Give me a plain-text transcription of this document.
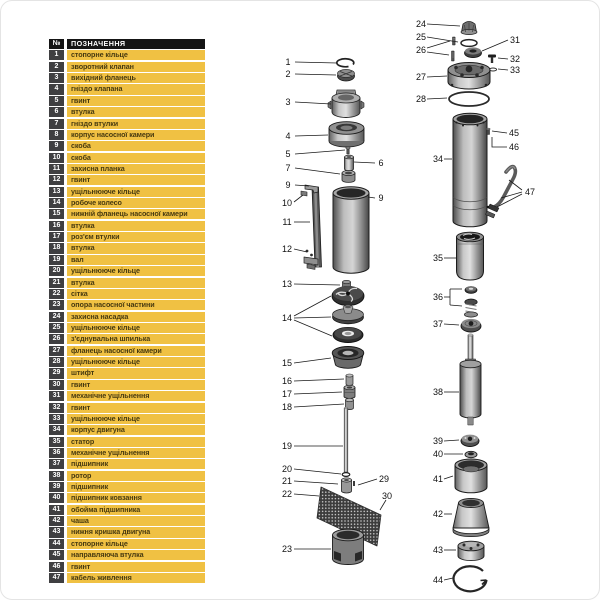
№	ПОЗНАЧЕННЯ
1	стопорне кільце
2	зворотний клапан
3	вихідний фланець
4	гніздо клапана
5	гвинт
6	втулка
7	гніздо втулки
8	корпус насосної камери
9	скоба
10	скоба
11	захисна планка
12	гвинт
13	ущільнююче кільце
14	робоче колесо
15	нижній фланець насосної камери
16	втулка
17	роз'єм втулки
18	втулка
19	вал
20	ущільнююче кільце
21	втулка
22	сітка
23	опора насосної частини
24	захисна насадка
25	ущільнююче кільце
26	з'єднувальна шпилька
27	фланець насосної камери
28	ущільнююче кільце
29	штифт
30	гвинт
31	механічне ущільнення
32	гвинт
33	ущільнююче кільце
34	корпус двигуна
35	статор
36	механічне ущільнення
37	підшипник
38	ротор
39	підшипник
40	підшипник ковзання
41	обойма підшипника
42	чаша
43	нижня кришка двигуна
44	стопорне кільце
45	направляюча втулка
46	гвинт
47	кабель живлення
1
2
3
4
5
6
7
9
10	9
11
12
13
14
15
16
17
18
19
20
21
22
23
29
30
24
25
26
27
28
31
32
33
34
45
46
47
35
36
37
38
39
40
41
42
43
44
